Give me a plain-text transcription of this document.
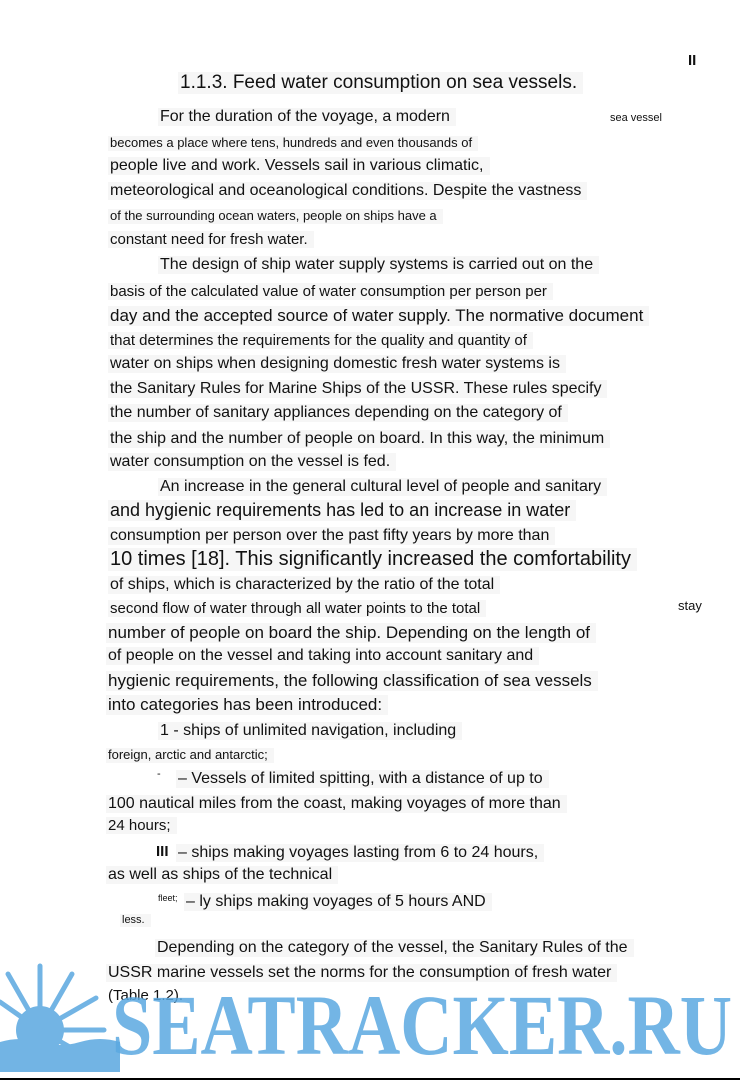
II
1.1.3. Feed water consumption on sea vessels.
For the duration of the voyage, a modern	sea vessel
becomes a place where tens, hundreds and even thousands of
people live and work. Vessels sail in various climatic,
meteorological and oceanological conditions. Despite the vastness
of the surrounding ocean waters, people on ships have a
constant need for fresh water.
The design of ship water supply systems is carried out on the
basis of the calculated value of water consumption per person per
day and the accepted source of water supply. The normative document
that determines the requirements for the quality and quantity of
water on ships when designing domestic fresh water systems is
the Sanitary Rules for Marine Ships of the USSR. These rules specify
the number of sanitary appliances depending on the category of
the ship and the number of people on board. In this way, the minimum
water consumption on the vessel is fed.
An increase in the general cultural level of people and sanitary
and hygienic requirements has led to an increase in water
consumption per person over the past fifty years by more than
10 times [18]. This significantly increased the comfortability
of ships, which is characterized by the ratio of the total
second flow of water through all water points to the total	stay
number of people on board the ship. Depending on the length of
of people on the vessel and taking into account sanitary and
hygienic requirements, the following classification of sea vessels
into categories has been introduced:
1 - ships of unlimited navigation, including
foreign, arctic and antarctic;
-	– Vessels of limited spitting, with a distance of up to
100 nautical miles from the coast, making voyages of more than
24 hours;
III – ships making voyages lasting from 6 to 24 hours,
as well as ships of the technical
fleet; – ly ships making voyages of 5 hours AND
less.
Depending on the category of the vessel, the Sanitary Rules of the
USSR marine vessels set the norms for the consumption of fresh water
(Table 1.2).
SEATRACKER.RU
